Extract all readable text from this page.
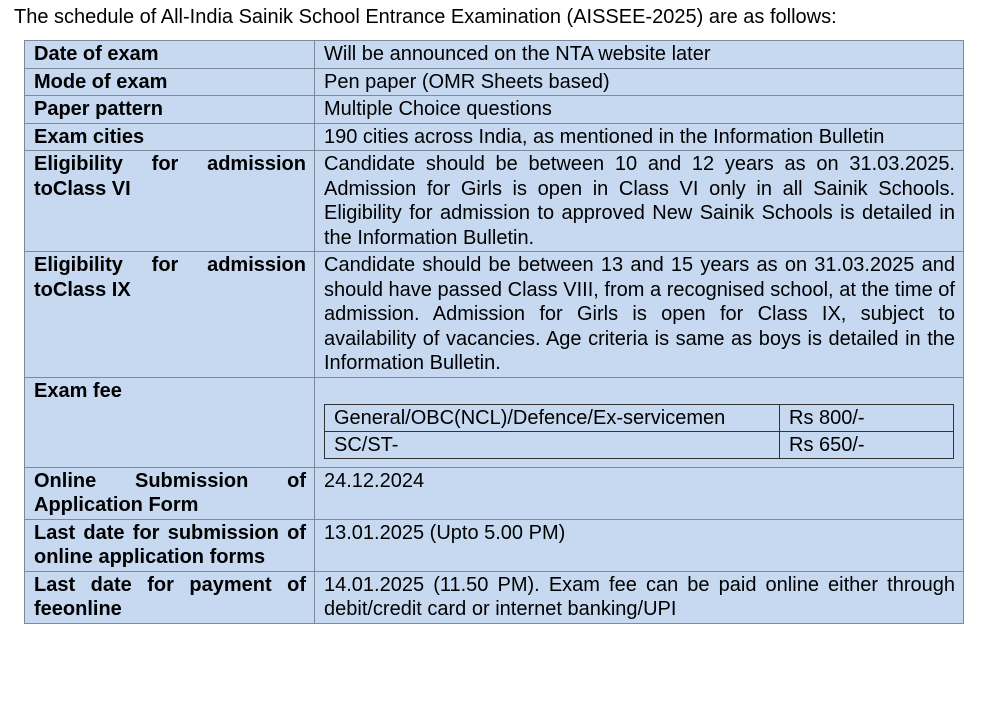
The schedule of All-India Sainik School Entrance Examination (AISSEE-2025) are as follows:
Date of exam	Will be announced on the NTA website later
Mode of exam	Pen paper (OMR Sheets based)
Paper pattern	Multiple Choice questions
Exam cities	190 cities across India, as mentioned in the Information Bulletin
Eligibility for admission toClass VI	Candidate should be between 10 and 12 years as on 31.03.2025. Admission for Girls is open in Class VI only in all Sainik Schools. Eligibility for admission to approved New Sainik Schools is detailed in the Information Bulletin.
Eligibility for admission toClass IX	Candidate should be between 13 and 15 years as on 31.03.2025 and should have passed Class VIII, from a recognised school, at the time of admission. Admission for Girls is open for Class IX, subject to availability of vacancies. Age criteria is same as boys is detailed in the Information Bulletin.
Exam fee	
General/OBC(NCL)/Defence/Ex-servicemen	Rs 800/-
SC/ST-	Rs 650/-

Online Submission of Application Form	24.12.2024
Last date for submission of online application forms	13.01.2025 (Upto 5.00 PM)
Last date for payment of feeonline	14.01.2025 (11.50 PM). Exam fee can be paid online either through debit/credit card or internet banking/UPI
